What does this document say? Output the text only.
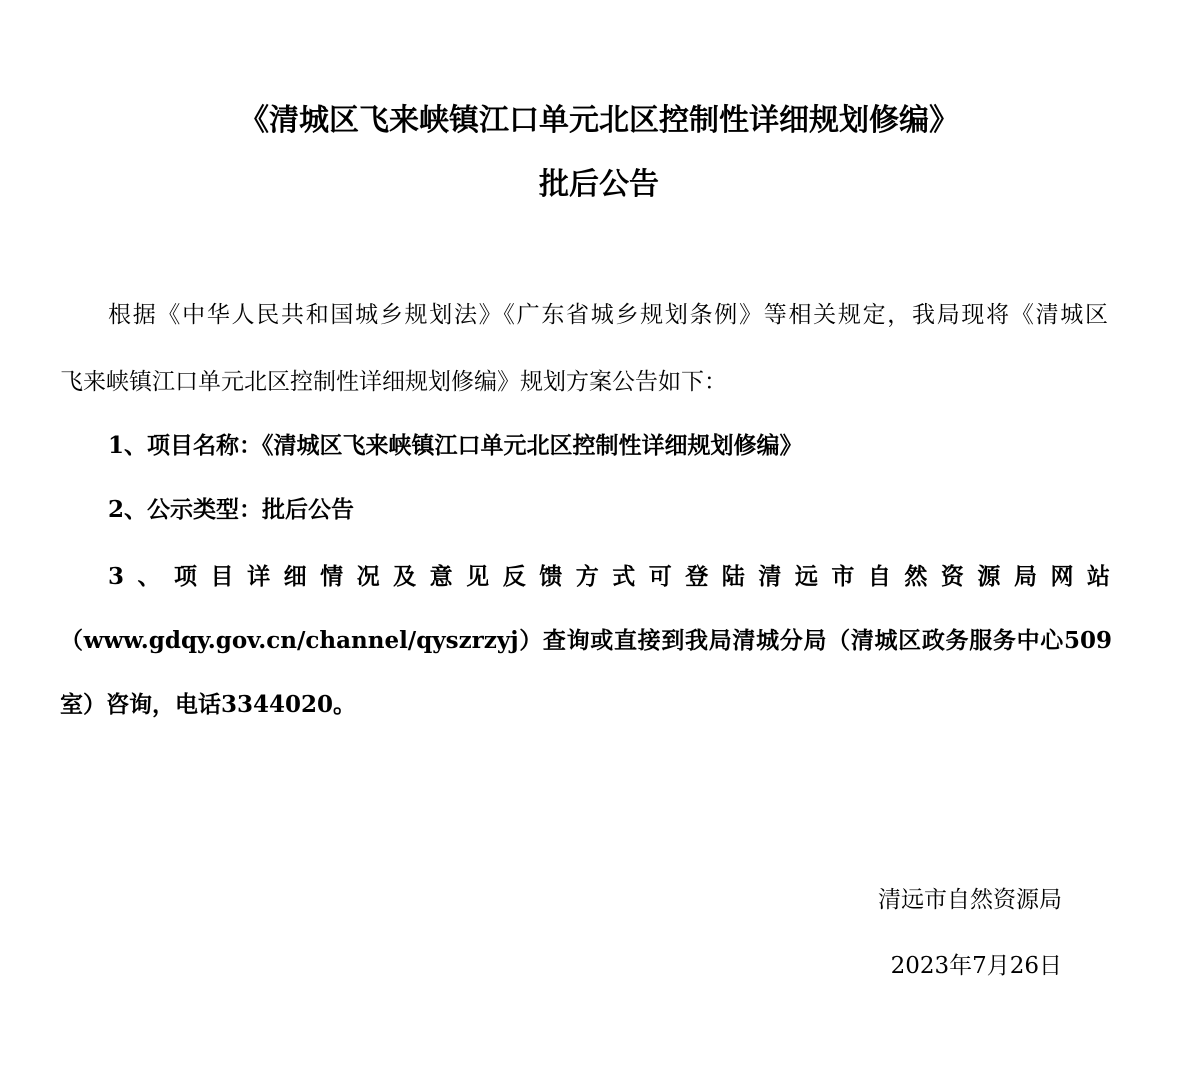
《清城区飞来峡镇江口单元北区控制性详细规划修编》
批后公告
根据《中华人民共和国城乡规划法》《广东省城乡规划条例》等相关规定，我局现将《清城区
飞来峡镇江口单元北区控制性详细规划修编》规划方案公告如下：
1、项目名称：《清城区飞来峡镇江口单元北区控制性详细规划修编》
2、公示类型：批后公告
3、项目详细情况及意见反馈方式可登陆清远市自然资源局网站
（www.gdqy.gov.cn/channel/qyszrzyj）查询或直接到我局清城分局（清城区政务服务中心509
室）咨询，电话3344020。
清远市自然资源局
2023年7月26日
